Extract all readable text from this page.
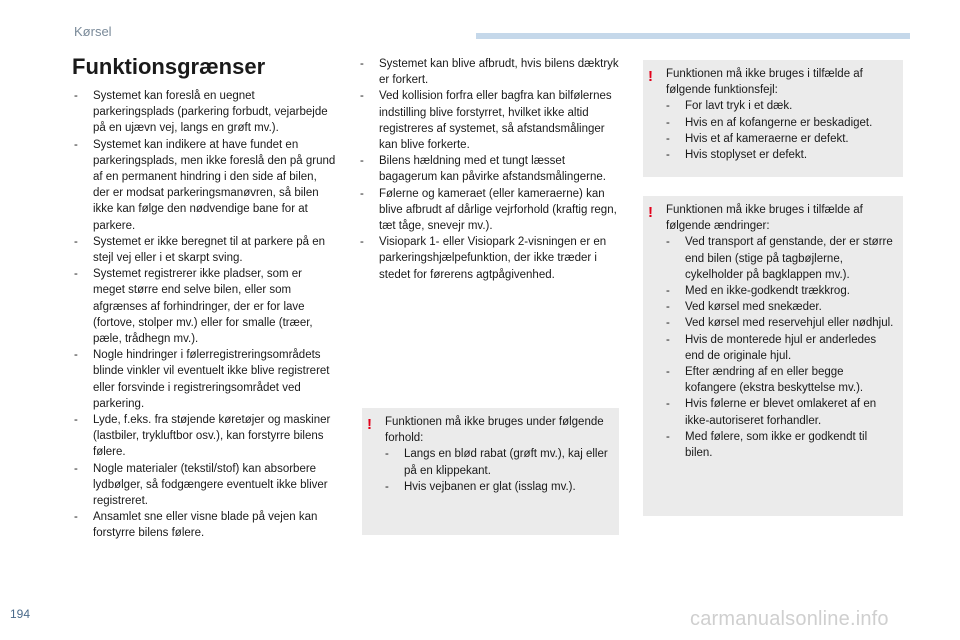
Kørsel
Funktionsgrænser

- Systemet kan foreslå en uegnet parkeringsplads (parkering forbudt, vejarbejde på en ujævn vej, langs en grøft mv.).

- Systemet kan indikere at have fundet en parkeringsplads, men ikke foreslå den på grund af en permanent hindring i den side af bilen, der er modsat parkeringsmanøvren, så bilen ikke kan følge den nødvendige bane for at parkere.

- Systemet er ikke beregnet til at parkere på en stejl vej eller i et skarpt sving.

- Systemet registrerer ikke pladser, som er meget større end selve bilen, eller som afgrænses af forhindringer, der er for lave (fortove, stolper mv.) eller for smalle (træer, pæle, trådhegn mv.).

- Nogle hindringer i følerregistreringsområdets blinde vinkler vil eventuelt ikke blive registreret eller forsvinde i registreringsområdet ved parkering.

- Lyde, f.eks. fra støjende køretøjer og maskiner (lastbiler, trykluftbor osv.), kan forstyrre bilens følere.

- Nogle materialer (tekstil/stof) kan absorbere lydbølger, så fodgængere eventuelt ikke bliver registreret.

- Ansamlet sne eller visne blade på vejen kan forstyrre bilens følere.

- Systemet kan blive afbrudt, hvis bilens dæktryk er forkert.

- Ved kollision forfra eller bagfra kan bilfølernes indstilling blive forstyrret, hvilket ikke altid registreres af systemet, så afstandsmålinger kan blive forkerte.

- Bilens hældning med et tungt læsset bagagerum kan påvirke afstandsmålingerne.

- Følerne og kameraet (eller kameraerne) kan blive afbrudt af dårlige vejrforhold (kraftig regn, tæt tåge, snevejr mv.).

- Visiopark 1- eller Visiopark 2-visningen er en parkeringshjælpefunktion, der ikke træder i stedet for førerens agtpågivenhed.

! Funktionen må ikke bruges under følgende forhold:

- Langs en blød rabat (grøft mv.), kaj eller på en klippekant.

- Hvis vejbanen er glat (isslag mv.).

! Funktionen må ikke bruges i tilfælde af følgende funktionsfejl:

- For lavt tryk i et dæk.

- Hvis en af kofangerne er beskadiget.

- Hvis et af kameraerne er defekt.

- Hvis stoplyset er defekt.

! Funktionen må ikke bruges i tilfælde af følgende ændringer:

- Ved transport af genstande, der er større end bilen (stige på tagbøjlerne, cykelholder på bagklappen mv.).

- Med en ikke-godkendt trækkrog.

- Ved kørsel med snekæder.

- Ved kørsel med reservehjul eller nødhjul.

- Hvis de monterede hjul er anderledes end de originale hjul.

- Efter ændring af en eller begge kofangere (ekstra beskyttelse mv.).

- Hvis følerne er blevet omlakeret af en ikke-autoriseret forhandler.

- Med følere, som ikke er godkendt til bilen.

194	carmanualsonline.info
